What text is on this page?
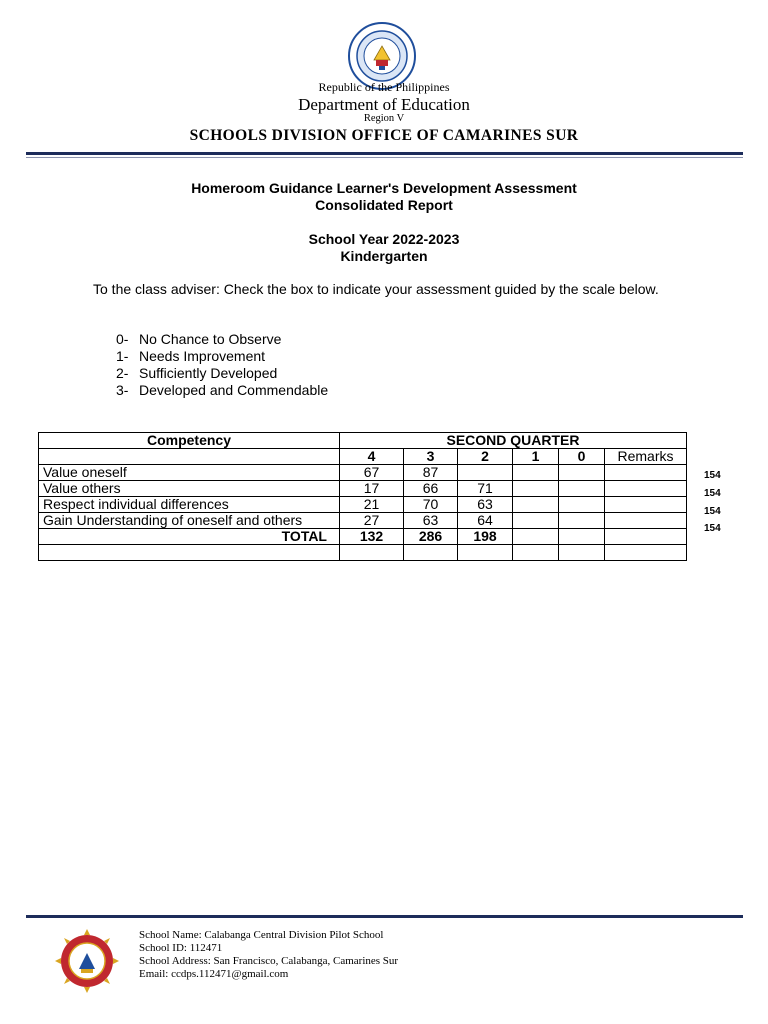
Republic of the Philippines
Department of Education
Region V
SCHOOLS DIVISION OFFICE OF CAMARINES SUR
Homeroom Guidance Learner's Development Assessment
Consolidated Report
School Year 2022-2023
Kindergarten
To the class adviser: Check the box to indicate your assessment guided by the scale below.
0- No Chance to Observe
1- Needs Improvement
2- Sufficiently Developed
3- Developed and Commendable
Competency	SECOND QUARTER					
	4	3	2	1	0	Remarks
Value oneself	67	87				
Value others	17	66	71			
Respect individual differences	21	70	63			
Gain Understanding of oneself and others	27	63	64			
TOTAL	132	286	198			

154
154
154
154
School Name: Calabanga Central Division Pilot School
School ID: 112471
School Address: San Francisco, Calabanga, Camarines Sur
Email: ccdps.112471@gmail.com
